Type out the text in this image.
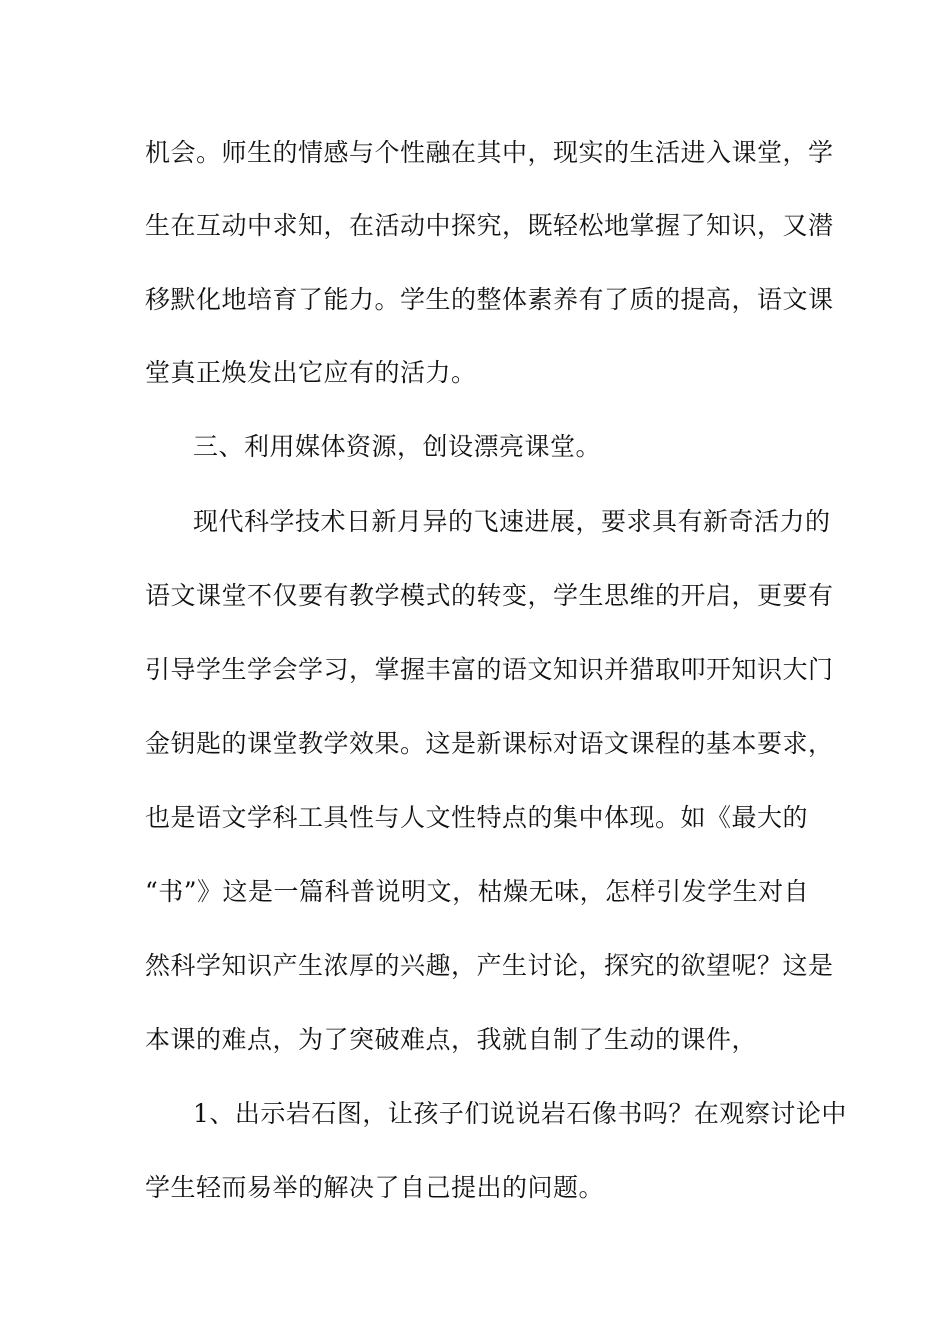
机会。师生的情感与个性融在其中，现实的生活进入课堂，学
生在互动中求知，在活动中探究，既轻松地掌握了知识，又潜
移默化地培育了能力。学生的整体素养有了质的提高，语文课
堂真正焕发出它应有的活力。
三、利用媒体资源，创设漂亮课堂。
现代科学技术日新月异的飞速进展，要求具有新奇活力的
语文课堂不仅要有教学模式的转变，学生思维的开启，更要有
引导学生学会学习，掌握丰富的语文知识并猎取叩开知识大门
金钥匙的课堂教学效果。这是新课标对语文课程的基本要求，
也是语文学科工具性与人文性特点的集中体现。如《最大的
“书”》这是一篇科普说明文，枯燥无味，怎样引发学生对自
然科学知识产生浓厚的兴趣，产生讨论，探究的欲望呢？这是
本课的难点，为了突破难点，我就自制了生动的课件，
1、出示岩石图，让孩子们说说岩石像书吗？在观察讨论中
学生轻而易举的解决了自己提出的问题。
